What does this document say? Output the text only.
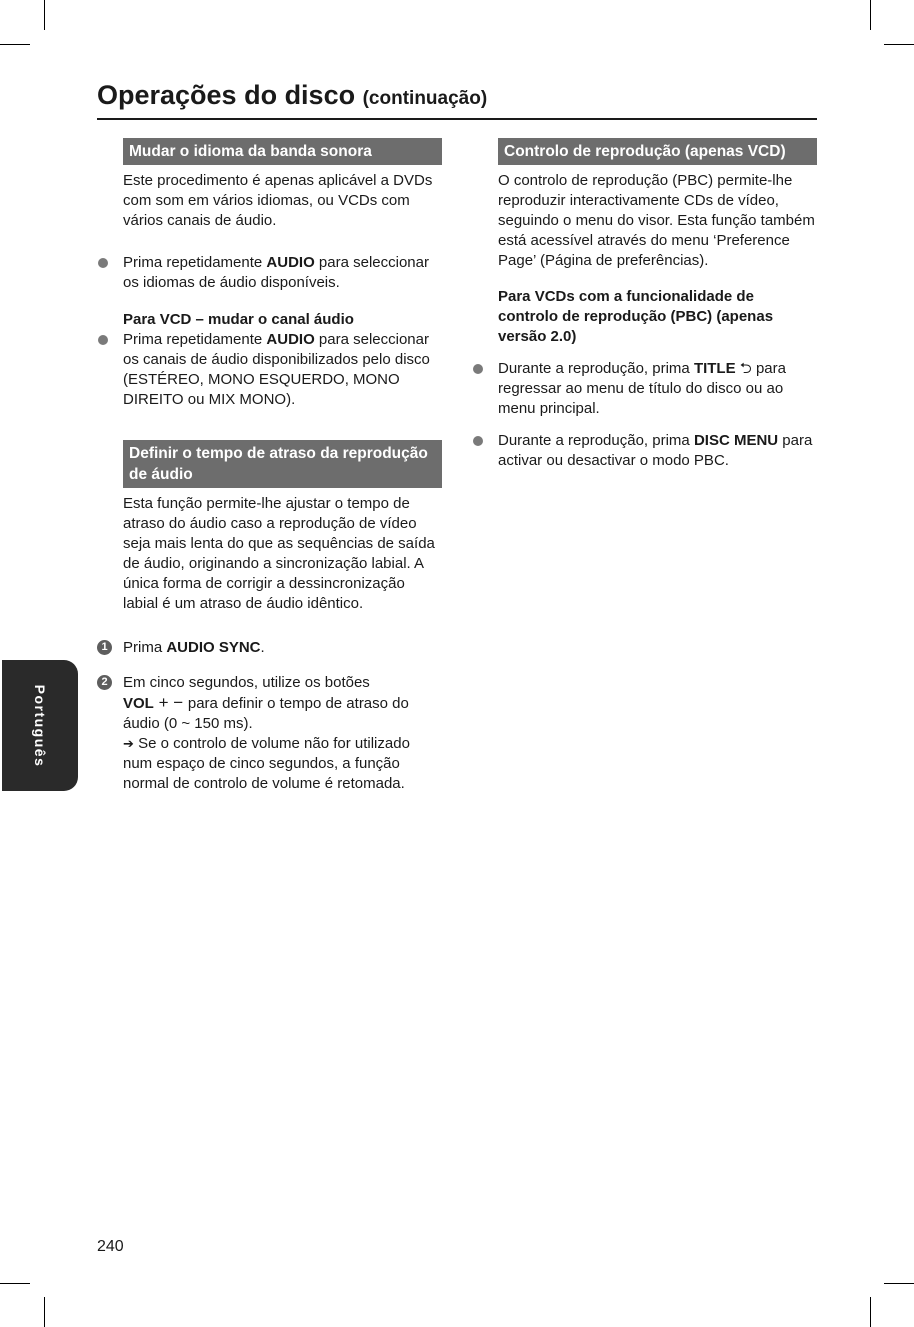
Operações do disco (continuação)
Mudar o idioma da banda sonora

Este procedimento é apenas aplicável a DVDs com som em vários idiomas, ou VCDs com vários canais de áudio.

Prima repetidamente AUDIO para seleccionar os idiomas de áudio disponíveis.
Para VCD – mudar o canal áudio
Prima repetidamente AUDIO para seleccionar os canais de áudio disponibilizados pelo disco (ESTÉREO, MONO ESQUERDO, MONO DIREITO ou MIX MONO).
Definir o tempo de atraso da reprodução de áudio

Esta função permite-lhe ajustar o tempo de atraso do áudio caso a reprodução de vídeo seja mais lenta do que as sequências de saída de áudio, originando a sincronização labial. A única forma de corrigir a dessincronização labial é um atraso de áudio idêntico.

1 Prima AUDIO SYNC.
2 Em cinco segundos, utilize os botões
VOL + − para definir o tempo de atraso do áudio (0 ~ 150 ms).
➔ Se o controlo de volume não for utilizado num espaço de cinco segundos, a função normal de controlo de volume é retomada.
Controlo de reprodução (apenas VCD)

O controlo de reprodução (PBC) permite-lhe reproduzir interactivamente CDs de vídeo, seguindo o menu do visor. Esta função também está acessível através do menu ‘Preference Page’ (Página de preferências).

Para VCDs com a funcionalidade de controlo de reprodução (PBC) (apenas versão 2.0)
Durante a reprodução, prima TITLE ⮌ para regressar ao menu de título do disco ou ao menu principal.
Durante a reprodução, prima DISC MENU para activar ou desactivar o modo PBC.
Português
240
